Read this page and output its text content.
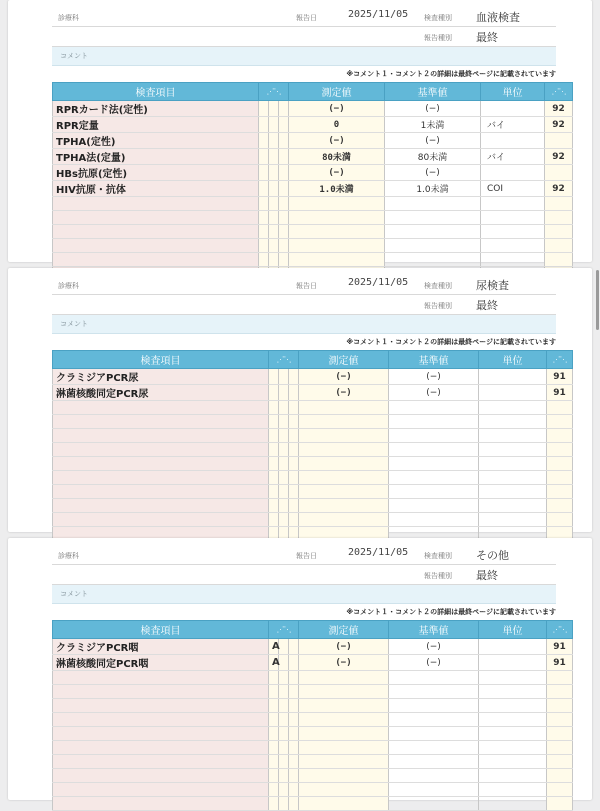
診療科	報告日	2025/11/05 検査種別 血液検査
報告種別 最終
コメント
※コメント１・コメント２の詳細は最終ページに記載されています
検査項目	⋰⋱			測定値	基準値	単位	⋰⋱
RPRカード法(定性)				(−)	(−)		92
RPR定量				0	1未満	バイ	92
TPHA(定性)				(−)	(−)		
TPHA法(定量)				80未満	80未満	バイ	92
HBs抗原(定性)				(−)	(−)		
HIV抗原・抗体				1.0未満	1.0未満	COI	92

診療科	報告日	2025/11/05 検査種別 尿検査
報告種別 最終
コメント
※コメント１・コメント２の詳細は最終ページに記載されています
検査項目	⋰⋱			測定値	基準値	単位	⋰⋱
クラミジアPCR尿				(−)	(−)		91
淋菌核酸同定PCR尿				(−)	(−)		91

診療科	報告日	2025/11/05 検査種別 その他
報告種別 最終
コメント
※コメント１・コメント２の詳細は最終ページに記載されています
検査項目	⋰⋱			測定値	基準値	単位	⋰⋱
クラミジアPCR咽	A			(−)	(−)		91
淋菌核酸同定PCR咽	A			(−)	(−)		91
